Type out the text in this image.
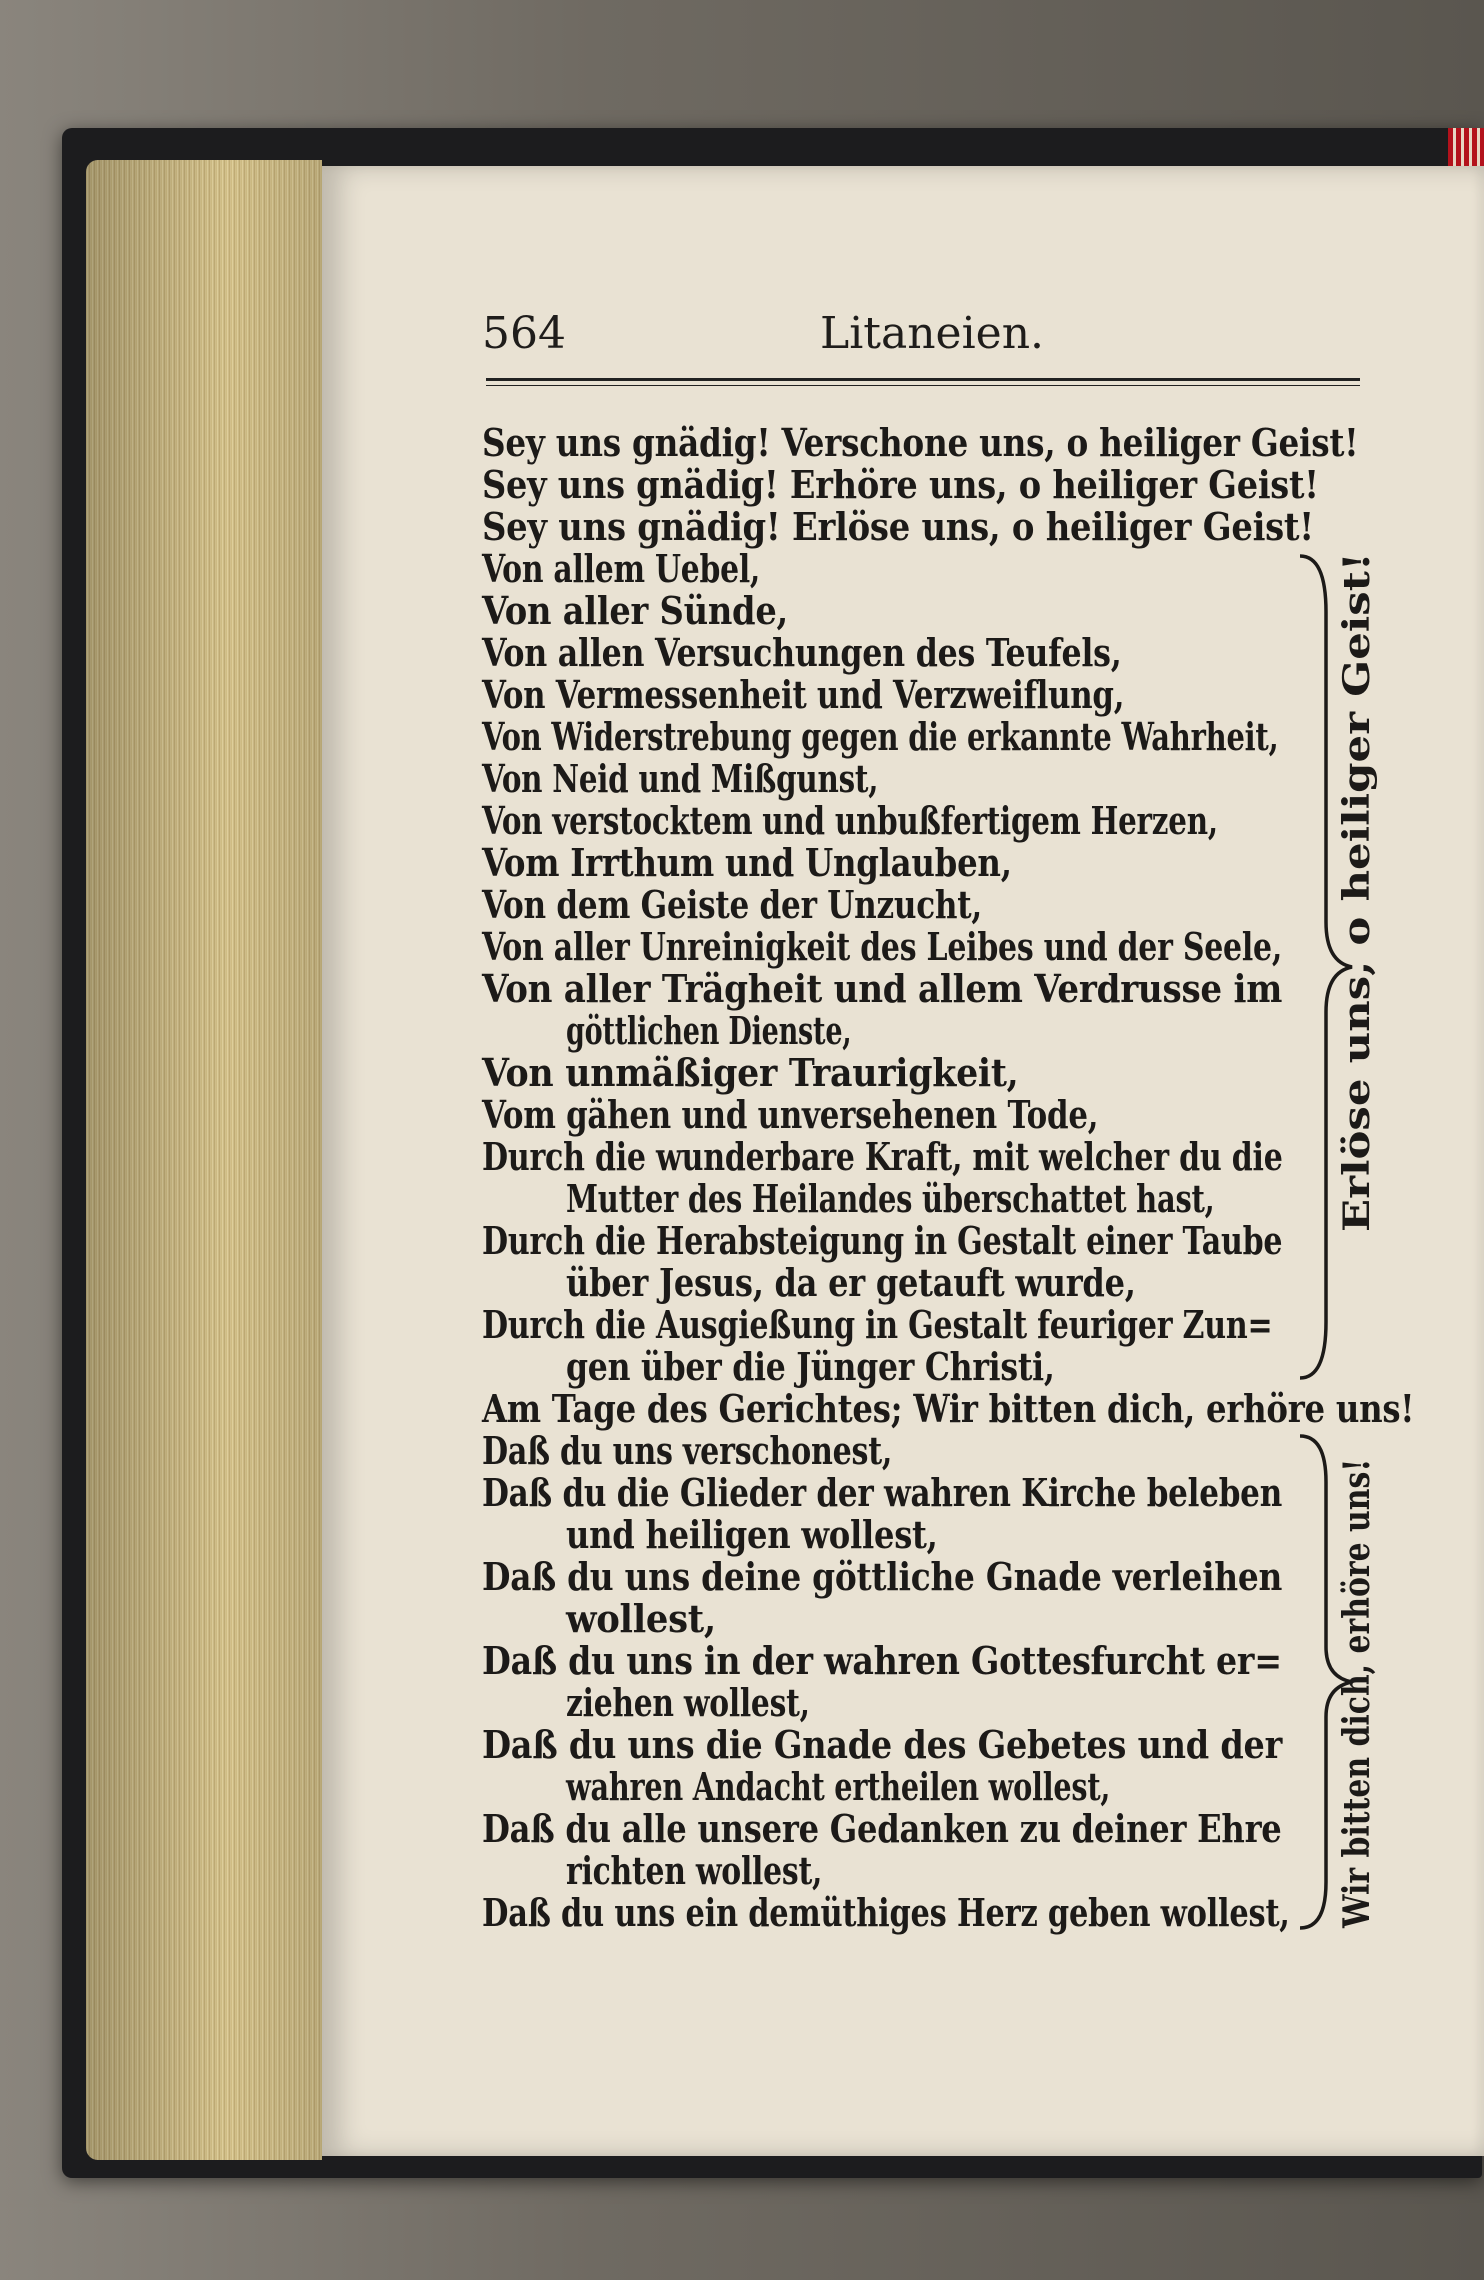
564	Litaneien.
Sey uns gnädig! Verschone uns, o heiliger Geist!
Sey uns gnädig! Erhöre uns, o heiliger Geist!
Sey uns gnädig! Erlöse uns, o heiliger Geist!
Von allem Uebel,
Von aller Sünde,
Von allen Versuchungen des Teufels,
Von Vermessenheit und Verzweiflung,
Von Widerstrebung gegen die erkannte Wahrheit,
Von Neid und Mißgunst,
Von verstocktem und unbußfertigem Herzen,
Vom Irrthum und Unglauben,
Von dem Geiste der Unzucht,
Von aller Unreinigkeit des Leibes und der Seele,
Von aller Trägheit und allem Verdrusse im
göttlichen Dienste,
Von unmäßiger Traurigkeit,
Vom gähen und unversehenen Tode,
Durch die wunderbare Kraft, mit welcher du die
Mutter des Heilandes überschattet hast,
Durch die Herabsteigung in Gestalt einer Taube
über Jesus, da er getauft wurde,
Durch die Ausgießung in Gestalt feuriger Zun=
gen über die Jünger Christi,
Am Tage des Gerichtes; Wir bitten dich, erhöre uns!
Daß du uns verschonest,
Daß du die Glieder der wahren Kirche beleben
und heiligen wollest,
Daß du uns deine göttliche Gnade verleihen
wollest,
Daß du uns in der wahren Gottesfurcht er=
ziehen wollest,
Daß du uns die Gnade des Gebetes und der
wahren Andacht ertheilen wollest,
Daß du alle unsere Gedanken zu deiner Ehre
richten wollest,
Daß du uns ein demüthiges Herz geben wollest,
Erlöse uns, o heiliger Geist!
Wir bitten dich, erhöre uns!
